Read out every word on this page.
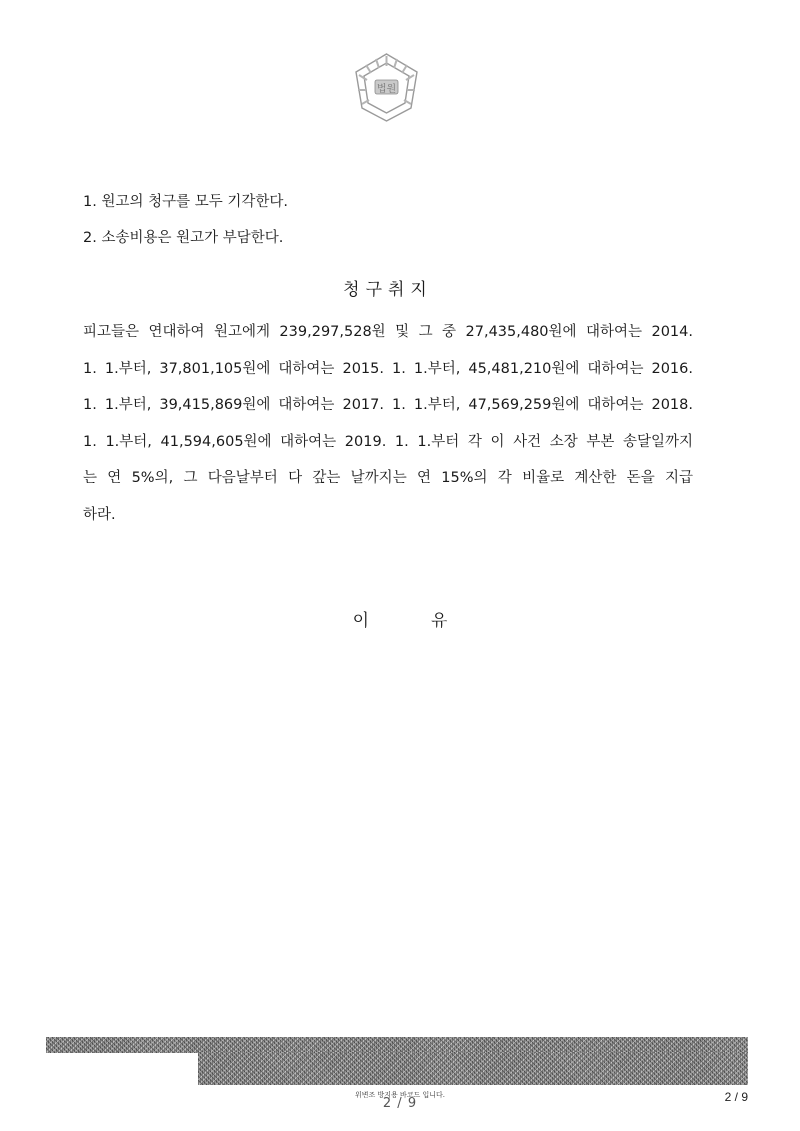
법원
1. 원고의 청구를 모두 기각한다.
2. 소송비용은 원고가 부담한다.
청구취지
피고들은 연대하여 원고에게 239,297,528원 및 그 중 27,435,480원에 대하여는 2014.
1. 1.부터, 37,801,105원에 대하여는 2015. 1. 1.부터, 45,481,210원에 대하여는 2016.
1. 1.부터, 39,415,869원에 대하여는 2017. 1. 1.부터, 47,569,259원에 대하여는 2018.
1. 1.부터, 41,594,605원에 대하여는 2019. 1. 1.부터 각 이 사건 소장 부본 송달일까지
는 연 5%의, 그 다음날부터 다 갚는 날까지는 연 15%의 각 비율로 계산한 돈을 지급
하라.
이	유
위변조 방지용 바코드 입니다.
2 / 9	2 / 9
